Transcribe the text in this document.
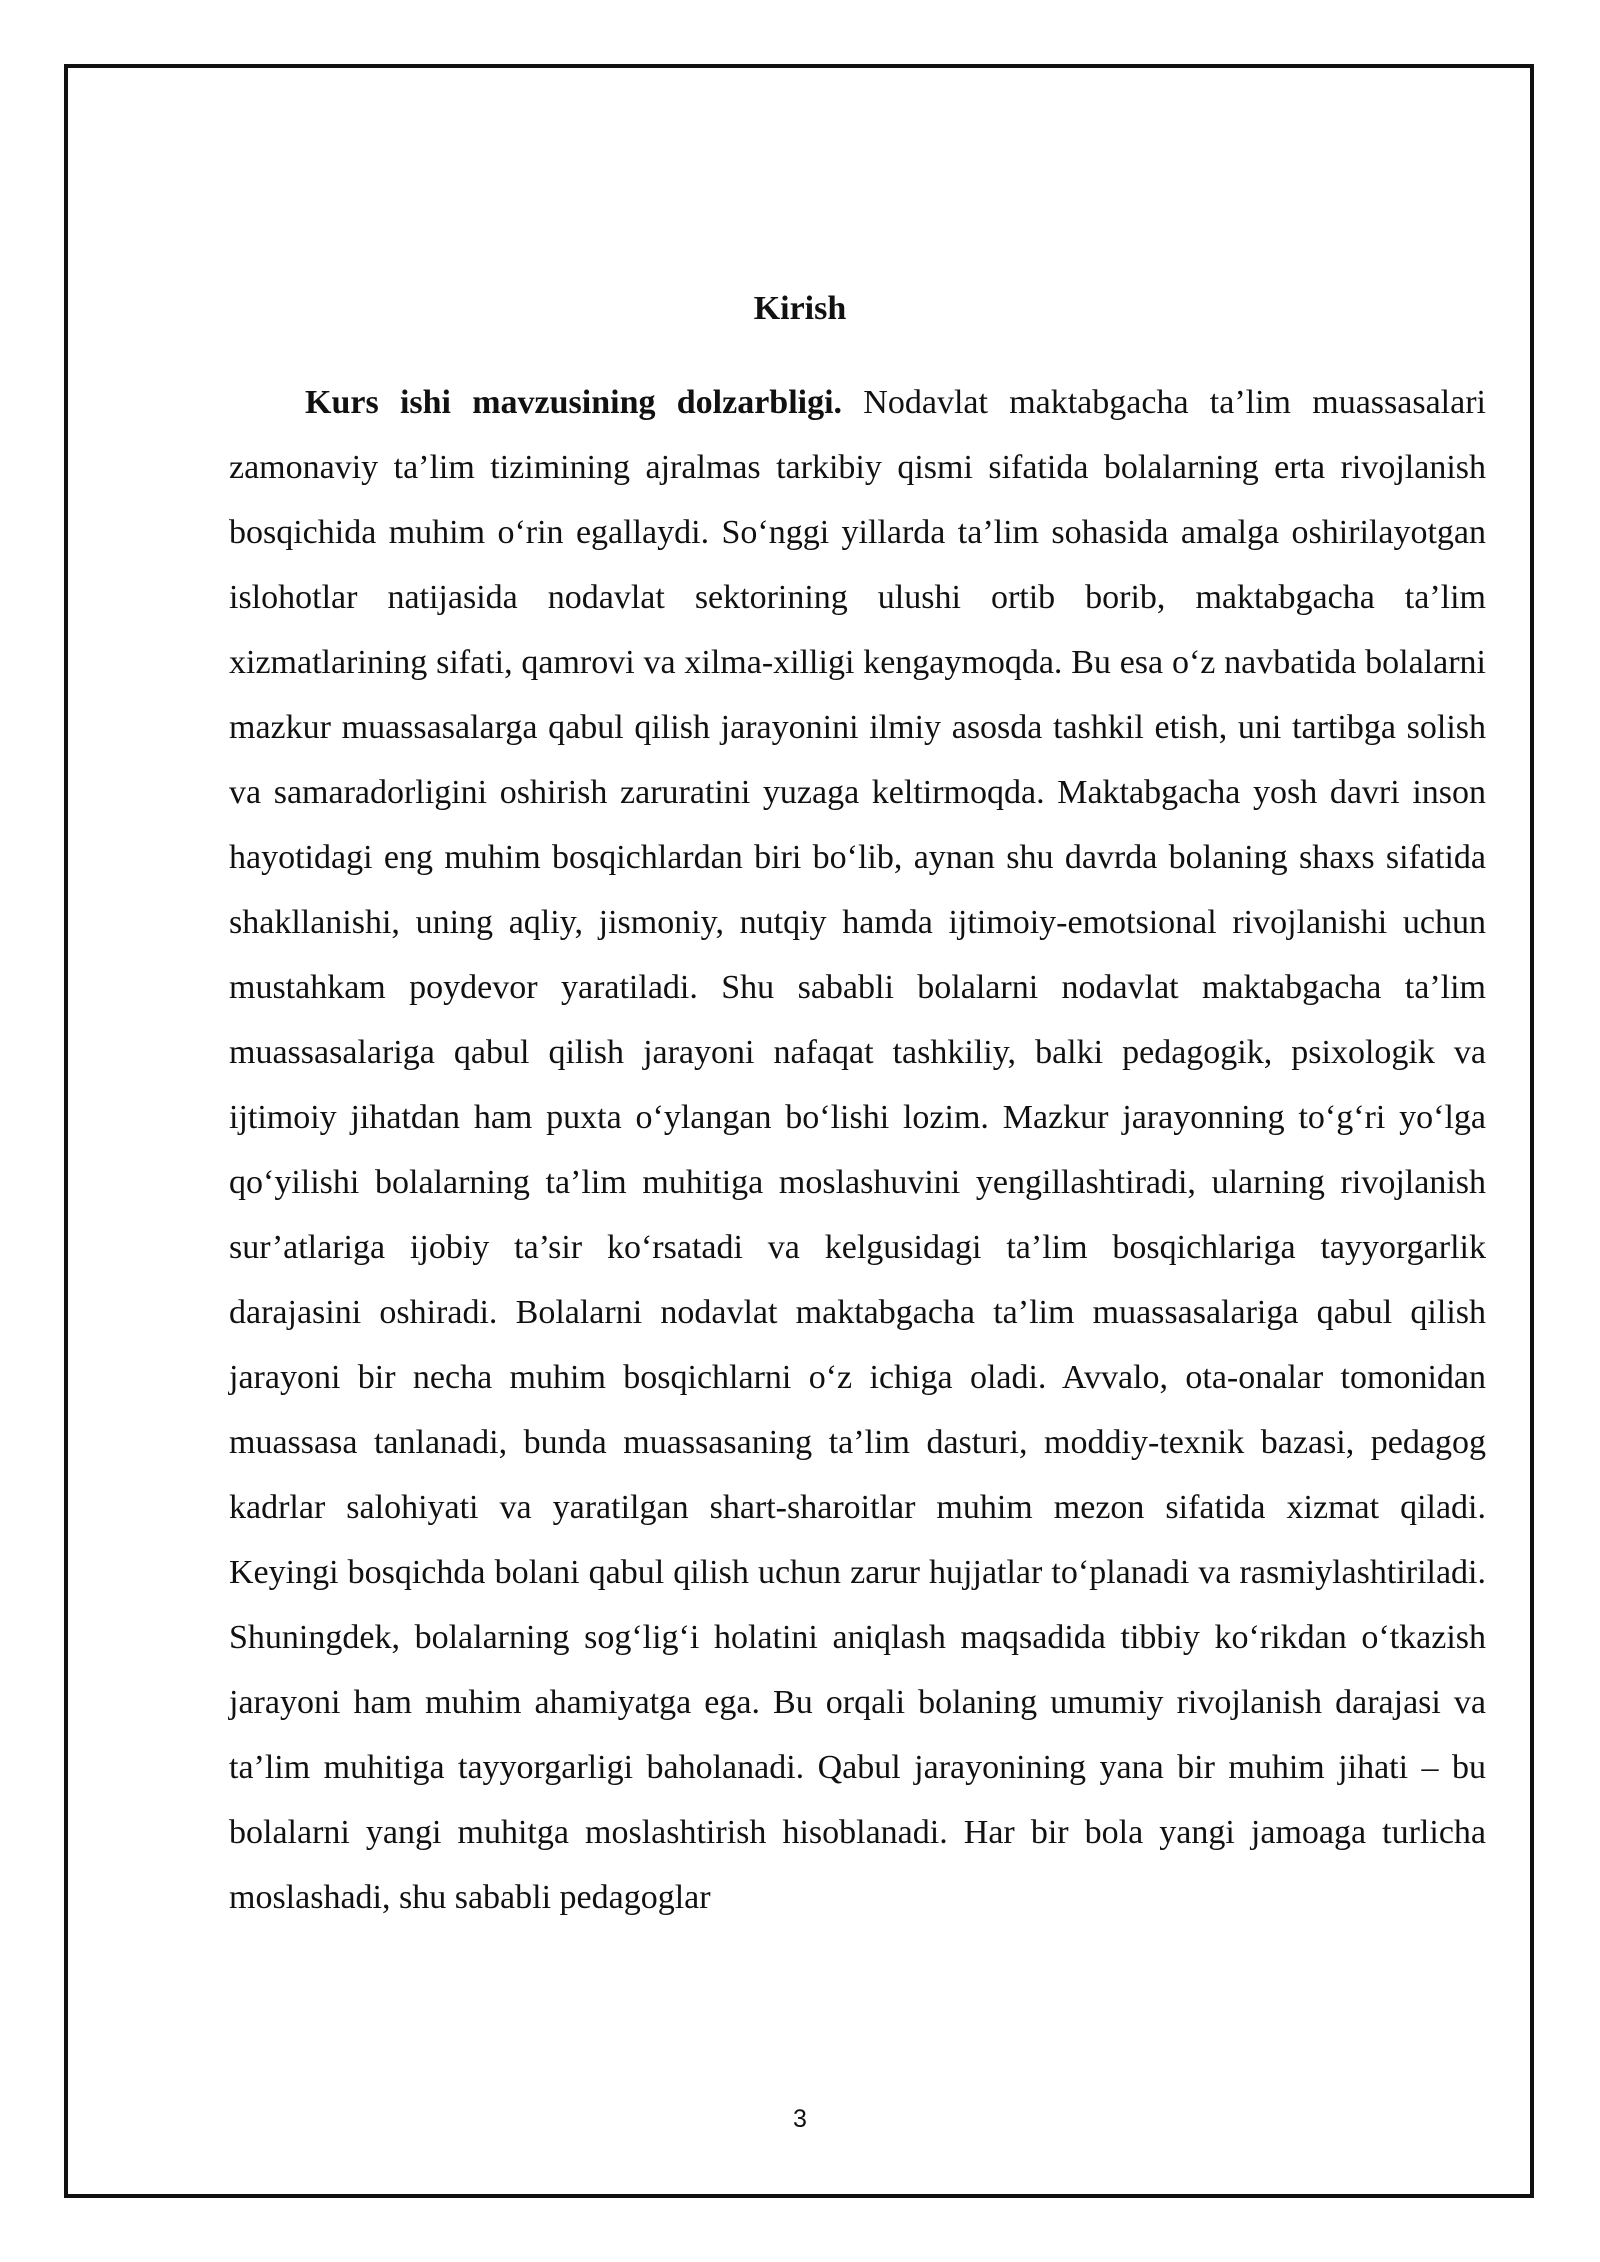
Kirish

Kurs ishi mavzusining dolzarbligi. Nodavlat maktabgacha ta’lim muassasalari zamonaviy ta’lim tizimining ajralmas tarkibiy qismi sifatida bolalarning erta rivojlanish bosqichida muhim o‘rin egallaydi. So‘nggi yillarda ta’lim sohasida amalga oshirilayotgan islohotlar natijasida nodavlat sektorining ulushi ortib borib, maktabgacha ta’lim xizmatlarining sifati, qamrovi va xilma-xilligi kengaymoqda. Bu esa o‘z navbatida bolalarni mazkur muassasalarga qabul qilish jarayonini ilmiy asosda tashkil etish, uni tartibga solish va samaradorligini oshirish zaruratini yuzaga keltirmoqda. Maktabgacha yosh davri inson hayotidagi eng muhim bosqichlardan biri bo‘lib, aynan shu davrda bolaning shaxs sifatida shakllanishi, uning aqliy, jismoniy, nutqiy hamda ijtimoiy-emotsional rivojlanishi uchun mustahkam poydevor yaratiladi. Shu sababli bolalarni nodavlat maktabgacha ta’lim muassasalariga qabul qilish jarayoni nafaqat tashkiliy, balki pedagogik, psixologik va ijtimoiy jihatdan ham puxta o‘ylangan bo‘lishi lozim. Mazkur jarayonning to‘g‘ri yo‘lga qo‘yilishi bolalarning ta’lim muhitiga moslashuvini yengillashtiradi, ularning rivojlanish sur’atlariga ijobiy ta’sir ko‘rsatadi va kelgusidagi ta’lim bosqichlariga tayyorgarlik darajasini oshiradi. Bolalarni nodavlat maktabgacha ta’lim muassasalariga qabul qilish jarayoni bir necha muhim bosqichlarni o‘z ichiga oladi. Avvalo, ota-onalar tomonidan muassasa tanlanadi, bunda muassasaning ta’lim dasturi, moddiy-texnik bazasi, pedagog kadrlar salohiyati va yaratilgan shart-sharoitlar muhim mezon sifatida xizmat qiladi. Keyingi bosqichda bolani qabul qilish uchun zarur hujjatlar to‘planadi va rasmiylashtiriladi. Shuningdek, bolalarning sog‘lig‘i holatini aniqlash maqsadida tibbiy ko‘rikdan o‘tkazish jarayoni ham muhim ahamiyatga ega. Bu orqali bolaning umumiy rivojlanish darajasi va ta’lim muhitiga tayyorgarligi baholanadi. Qabul jarayonining yana bir muhim jihati – bu bolalarni yangi muhitga moslashtirish hisoblanadi. Har bir bola yangi jamoaga turlicha moslashadi, shu sababli pedagoglar

3
